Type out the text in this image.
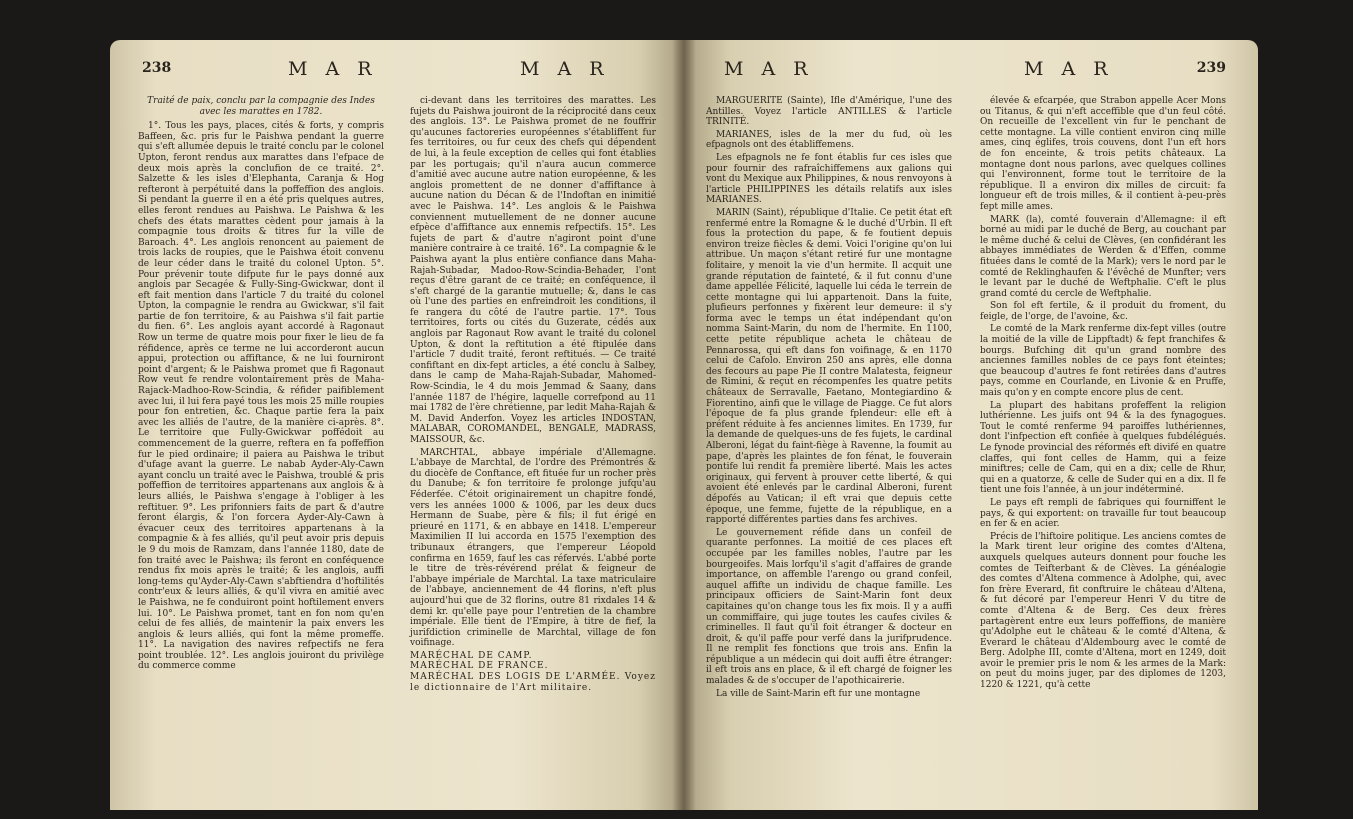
238	M A R	M A R

Traité de paix, conclu par la compagnie des Indes avec les marattes en 1782.

1°. Tous les pays, places, cités & forts, y compris Baffeen, &c. pris fur le Paishwa pendant la guerre qui s'eft allumée depuis le traité conclu par le colonel Upton, feront rendus aux marattes dans l'efpace de deux mois après la conclufion de ce traité. 2°. Salzette & les isles d'Elephanta, Caranja & Hog refteront à perpétuité dans la poffeffion des anglois. Si pendant la guerre il en a été pris quelques autres, elles feront rendues au Paishwa. Le Paishwa & les chefs des états marattes cèdent pour jamais à la compagnie tous droits & titres fur la ville de Baroach. 4°. Les anglois renoncent au paiement de trois lacks de roupies, que le Paishwa étoit convenu de leur céder dans le traité du colonel Upton. 5°. Pour prévenir toute difpute fur le pays donné aux anglois par Secagée & Fully-Sing-Gwickwar, dont il eft fait mention dans l'article 7 du traité du colonel Upton, la compagnie le rendra au Gwickwar, s'il fait partie de fon territoire, & au Paishwa s'il fait partie du fien. 6°. Les anglois ayant accordé à Ragonaut Row un terme de quatre mois pour fixer le lieu de fa réfidence, après ce terme ne lui accorderont aucun appui, protection ou affiftance, & ne lui fourniront point d'argent; & le Paishwa promet que fi Ragonaut Row veut fe rendre volontairement près de Maha-Rajack-Madhoo-Row-Scindia, & réfider paifiblement avec lui, il lui fera payé tous les mois 25 mille roupies pour fon entretien, &c. Chaque partie fera la paix avec les alliés de l'autre, de la manière ci-après. 8°. Le territoire que Fully-Gwickwar poffédoit au commencement de la guerre, reftera en fa poffeffion fur le pied ordinaire; il paiera au Paishwa le tribut d'ufage avant la guerre. Le nabab Ayder-Aly-Cawn ayant conclu un traité avec le Paishwa, troublé & pris poffeffion de territoires appartenans aux anglois & à leurs alliés, le Paishwa s'engage à l'obliger à les reftituer. 9°. Les prifonniers faits de part & d'autre feront élargis, & l'on forcera Ayder-Aly-Cawn à évacuer ceux des territoires appartenans à la compagnie & à fes alliés, qu'il peut avoir pris depuis le 9 du mois de Ramzam, dans l'année 1180, date de fon traité avec le Paishwa; ils feront en conféquence rendus fix mois après le traité; & les anglois, auffi long-tems qu'Ayder-Aly-Cawn s'abftiendra d'hoftilités contr'eux & leurs alliés, & qu'il vivra en amitié avec le Paishwa, ne fe conduiront point hoftilement envers lui. 10°. Le Paishwa promet, tant en fon nom qu'en celui de fes alliés, de maintenir la paix envers les anglois & leurs alliés, qui font la même promeffe. 11°. La navigation des navires refpectifs ne fera point troublée. 12°. Les anglois jouiront du privilège du commerce comme

ci-devant dans les territoires des marattes. Les fujets du Paishwa jouiront de la réciprocité dans ceux des anglois. 13°. Le Paishwa promet de ne fouffrir qu'aucunes factoreries européennes s'établiffent fur fes territoires, ou fur ceux des chefs qui dépendent de lui, à la feule exception de celles qui font établies par les portugais; qu'il n'aura aucun commerce d'amitié avec aucune autre nation européenne, & les anglois promettent de ne donner d'affiftance à aucune nation du Décan & de l'Indoftan en inimitié avec le Paishwa. 14°. Les anglois & le Paishwa conviennent mutuellement de ne donner aucune efpèce d'affiftance aux ennemis refpectifs. 15°. Les fujets de part & d'autre n'agiront point d'une manière contraire à ce traité. 16°. La compagnie & le Paishwa ayant la plus entière confiance dans Maha-Rajah-Subadar, Madoo-Row-Scindia-Behader, l'ont reçus d'être garant de ce traité; en conféquence, il s'eft chargé de la garantie mutuelle; &, dans le cas où l'une des parties en enfreindroit les conditions, il fe rangera du côté de l'autre partie. 17°. Tous territoires, forts ou cités du Guzerate, cédés aux anglois par Ragonaut Row avant le traité du colonel Upton, & dont la reftitution a été ftipulée dans l'article 7 dudit traité, feront reftitués. — Ce traité confiftant en dix-fept articles, a été conclu à Salbey, dans le camp de Maha-Rajah-Subadar, Mahomed-Row-Scindia, le 4 du mois Jemmad & Saany, dans l'année 1187 de l'hégire, laquelle correfpond au 11 mai 1782 de l'ère chrétienne, par ledit Maha-Rajah & M. David Anderfon. Voyez les articles INDOSTAN, MALABAR, COROMANDEL, BENGALE, MADRASS, MAISSOUR, &c.

MARCHTAL, abbaye impériale d'Allemagne. L'abbaye de Marchtal, de l'ordre des Prémontrés & du diocèfe de Conftance, eft fituée fur un rocher près du Danube; & fon territoire fe prolonge jufqu'au Féderfée. C'étoit originairement un chapitre fondé, vers les années 1000 & 1006, par les deux ducs Hermann de Suabe, père & fils; il fut érigé en prieuré en 1171, & en abbaye en 1418. L'empereur Maximilien II lui accorda en 1575 l'exemption des tribunaux étrangers, que l'empereur Léopold confirma en 1659, fauf les cas réfervés. L'abbé porte le titre de très-révérend prélat & feigneur de l'abbaye impériale de Marchtal. La taxe matriculaire de l'abbaye, anciennement de 44 florins, n'eft plus aujourd'hui que de 32 florins, outre 81 rixdales 14 & demi kr. qu'elle paye pour l'entretien de la chambre impériale. Elle tient de l'Empire, à titre de fief, la jurifdiction criminelle de Marchtal, village de fon voifinage.

MARÉCHAL DE CAMP.

MARÉCHAL DE FRANCE.

MARÉCHAL DES LOGIS DE L'ARMÉE. Voyez le dictionnaire de l'Art militaire.

M A R	M A R	239

MARGUERITE (Sainte), Ifle d'Amérique, l'une des Antilles. Voyez l'article ANTILLES & l'article TRINITÉ.

MARIANES, isles de la mer du fud, où les efpagnols ont des établiffemens.

Les efpagnols ne fe font établis fur ces isles que pour fournir des rafraîchiffemens aux galions qui vont du Mexique aux Philippines, & nous renvoyons à l'article PHILIPPINES les détails relatifs aux isles MARIANES.

MARIN (Saint), république d'Italie. Ce petit état eft renfermé entre la Romagne & le duché d'Urbin. Il eft fous la protection du pape, & fe foutient depuis environ treize fiècles & demi. Voici l'origine qu'on lui attribue. Un maçon s'étant retiré fur une montagne folitaire, y menoit la vie d'un hermite. Il acquit une grande réputation de fainteté, & il fut connu d'une dame appellée Félicité, laquelle lui céda le terrein de cette montagne qui lui appartenoit. Dans la fuite, plufieurs perfonnes y fixèrent leur demeure: il s'y forma avec le temps un état indépendant qu'on nomma Saint-Marin, du nom de l'hermite. En 1100, cette petite république acheta le château de Pennarossa, qui eft dans fon voifinage, & en 1170 celui de Cafolo. Environ 250 ans après, elle donna des fecours au pape Pie II contre Malatesta, feigneur de Rimini, & reçut en récompenfes les quatre petits châteaux de Serravalle, Faetano, Montegiardino & Fiorentino, ainfi que le village de Piagge. Ce fut alors l'époque de fa plus grande fplendeur: elle eft à préfent réduite à fes anciennes limites. En 1739, fur la demande de quelques-uns de fes fujets, le cardinal Alberoni, légat du faint-fiège à Ravenne, la foumit au pape, d'après les plaintes de fon fénat, le fouverain pontife lui rendit fa première liberté. Mais les actes originaux, qui fervent à prouver cette liberté, & qui avoient été enlevés par le cardinal Alberoni, furent dépofés au Vatican; il eft vrai que depuis cette époque, une femme, fujette de la république, en a rapporté différentes parties dans fes archives.

Le gouvernement réfide dans un confeil de quarante perfonnes. La moitié de ces places eft occupée par les familles nobles, l'autre par les bourgeoifes. Mais lorfqu'il s'agit d'affaires de grande importance, on affemble l'arengo ou grand confeil, auquel affifte un individu de chaque famille. Les principaux officiers de Saint-Marin font deux capitaines qu'on change tous les fix mois. Il y a auffi un commiffaire, qui juge toutes les caufes civiles & criminelles. Il faut qu'il foit étranger & docteur en droit, & qu'il paffe pour verfé dans la jurifprudence. Il ne remplit fes fonctions que trois ans. Enfin la république a un médecin qui doit auffi être étranger: il eft trois ans en place, & il eft chargé de foigner les malades & de s'occuper de l'apothicairerie.

La ville de Saint-Marin eft fur une montagne

élevée & efcarpée, que Strabon appelle Acer Mons ou Titanus, & qui n'eft acceffible que d'un feul côté. On recueille de l'excellent vin fur le penchant de cette montagne. La ville contient environ cinq mille ames, cinq églifes, trois couvens, dont l'un eft hors de fon enceinte, & trois petits châteaux. La montagne dont nous parlons, avec quelques collines qui l'environnent, forme tout le territoire de la république. Il a environ dix milles de circuit: fa longueur eft de trois milles, & il contient à-peu-près fept mille ames.

MARK (la), comté fouverain d'Allemagne: il eft borné au midi par le duché de Berg, au couchant par le même duché & celui de Clèves, (en confidérant les abbayes immédiates de Werden & d'Effen, comme fituées dans le comté de la Mark); vers le nord par le comté de Reklinghaufen & l'évêché de Munfter; vers le levant par le duché de Weftphalie. C'eft le plus grand comté du cercle de Weftphalie.

Son fol eft fertile, & il produit du froment, du feigle, de l'orge, de l'avoine, &c.

Le comté de la Mark renferme dix-fept villes (outre la moitié de la ville de Lippftadt) & fept franchifes & bourgs. Bufching dit qu'un grand nombre des anciennes familles nobles de ce pays font éteintes; que beaucoup d'autres fe font retirées dans d'autres pays, comme en Courlande, en Livonie & en Pruffe, mais qu'on y en compte encore plus de cent.

La plupart des habitans profeffent la religion luthérienne. Les juifs ont 94 & la des fynagogues. Tout le comté renferme 94 paroiffes luthériennes, dont l'infpection eft confiée à quelques fubdélégués. Le fynode provincial des réformés eft divifé en quatre claffes, qui font celles de Hamm, qui a feize miniftres; celle de Cam, qui en a dix; celle de Rhur, qui en a quatorze, & celle de Suder qui en a dix. Il fe tient une fois l'année, à un jour indéterminé.

Le pays eft rempli de fabriques qui fourniffent le pays, & qui exportent: on travaille fur tout beaucoup en fer & en acier.

Précis de l'hiftoire politique. Les anciens comtes de la Mark tirent leur origine des comtes d'Altena, auxquels quelques auteurs donnent pour fouche les comtes de Teifterbant & de Clèves. La généalogie des comtes d'Altena commence à Adolphe, qui, avec fon frère Everard, fit conftruire le château d'Altena, & fut décoré par l'empereur Henri V du titre de comte d'Altena & de Berg. Ces deux frères partagèrent entre eux leurs poffeffions, de manière qu'Adolphe eut le château & le comté d'Altena, & Everard le château d'Aldembourg avec le comté de Berg. Adolphe III, comte d'Altena, mort en 1249, doit avoir le premier pris le nom & les armes de la Mark: on peut du moins juger, par des diplomes de 1203, 1220 & 1221, qu'à cette
